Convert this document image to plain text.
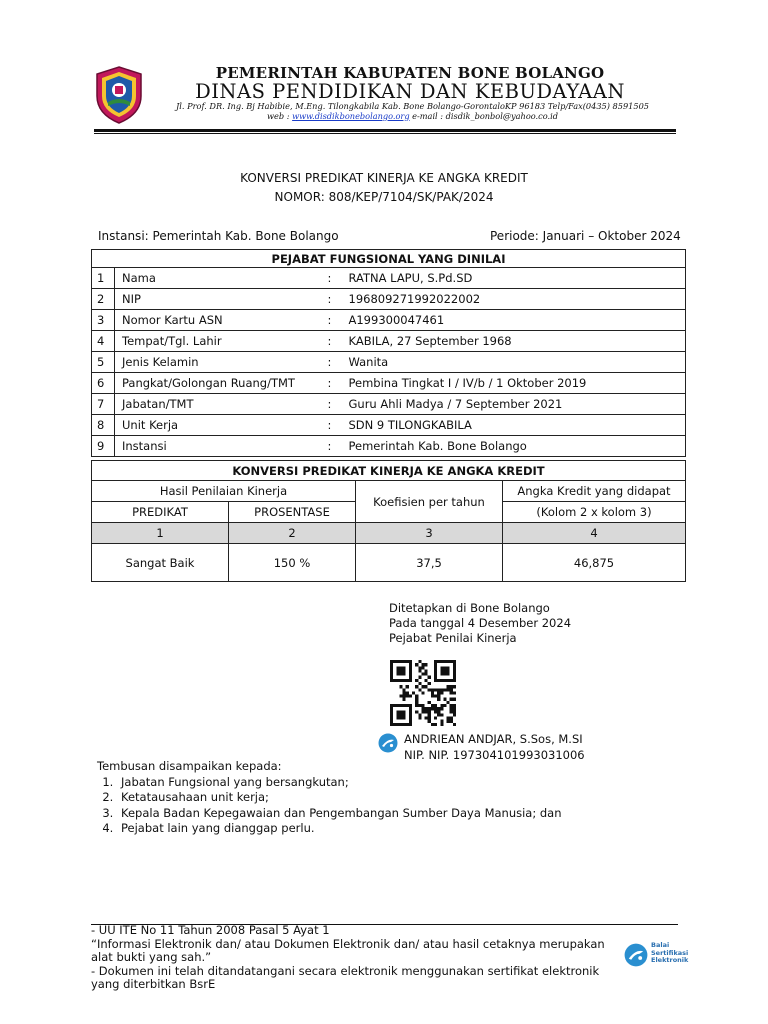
PEMERINTAH KABUPATEN BONE BOLANGO
DINAS PENDIDIKAN DAN KEBUDAYAAN
Jl. Prof. DR. Ing. Bj Habibie, M.Eng. Tilongkabila Kab. Bone Bolango-GorontaloKP 96183 Telp/Fax(0435) 8591505
web : www.disdikbonebolango.org e-mail : disdik_bonbol@yahoo.co.id
KONVERSI PREDIKAT KINERJA KE ANGKA KREDIT
NOMOR: 808/KEP/7104/SK/PAK/2024
Instansi: Pemerintah Kab. Bone Bolango	Periode: Januari – Oktober 2024
PEJABAT FUNGSIONAL YANG DINILAI			
1	Nama	:	RATNA LAPU, S.Pd.SD
2	NIP	:	196809271992022002
3	Nomor Kartu ASN	:	A199300047461
4	Tempat/Tgl. Lahir	:	KABILA, 27 September 1968
5	Jenis Kelamin	:	Wanita
6	Pangkat/Golongan Ruang/TMT	:	Pembina Tingkat I / IV/b / 1 Oktober 2019
7	Jabatan/TMT	:	Guru Ahli Madya / 7 September 2021
8	Unit Kerja	:	SDN 9 TILONGKABILA
9	Instansi	:	Pemerintah Kab. Bone Bolango
KONVERSI PREDIKAT KINERJA KE ANGKA KREDIT			
Hasil Penilaian Kinerja		Koefisien per tahun	Angka Kredit yang didapat
PREDIKAT	PROSENTASE		(Kolom 2 x kolom 3)
1	2	3	4
Sangat Baik	150 %	37,5	46,875
Ditetapkan di Bone Bolango
Pada tanggal 4 Desember 2024
Pejabat Penilai Kinerja
ANDRIEAN ANDJAR, S.Sos, M.SI
NIP. NIP. 197304101993031006
Tembusan disampaikan kepada:
1. Jabatan Fungsional yang bersangkutan;
2. Ketatausahaan unit kerja;
3. Kepala Badan Kepegawaian dan Pengembangan Sumber Daya Manusia; dan
4. Pejabat lain yang dianggap perlu.
- UU ITE No 11 Tahun 2008 Pasal 5 Ayat 1
“Informasi Elektronik dan/ atau Dokumen Elektronik dan/ atau hasil cetaknya merupakan alat bukti yang sah.”
- Dokumen ini telah ditandatangani secara elektronik menggunakan sertifikat elektronik yang diterbitkan BsrE
Balai
Sertifikasi
Elektronik
